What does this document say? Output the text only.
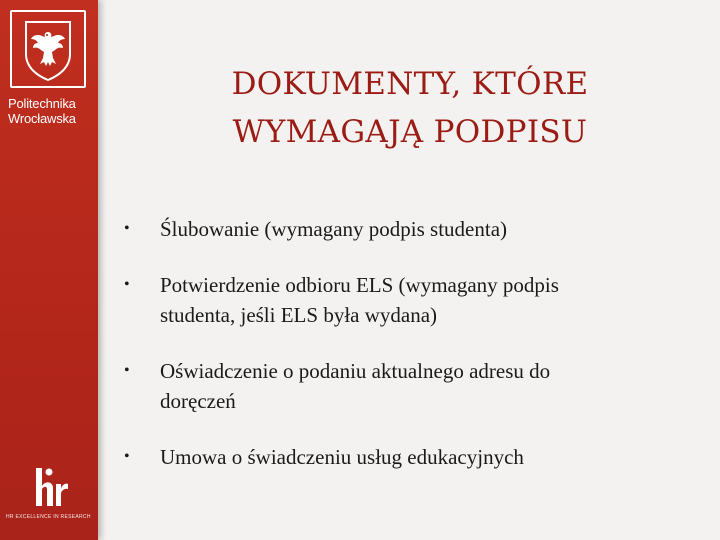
Politechnika
Wrocławska
HR EXCELLENCE IN RESEARCH
DOKUMENTY, KTÓRE
WYMAGAJĄ PODPISU
• Ślubowanie (wymagany podpis studenta)
• Potwierdzenie odbioru ELS (wymagany podpis
studenta, jeśli ELS była wydana)
• Oświadczenie o podaniu aktualnego adresu do
doręczeń
• Umowa o świadczeniu usług edukacyjnych
